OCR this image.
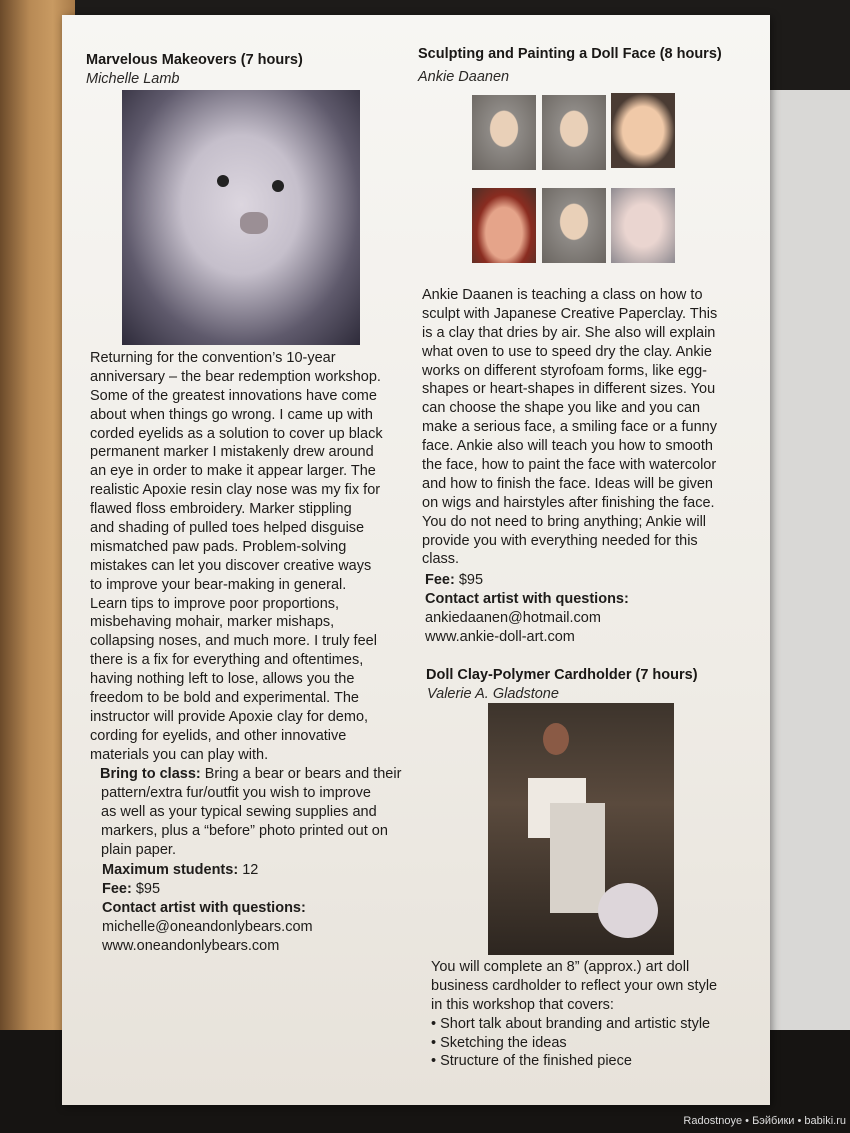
Marvelous Makeovers (7 hours)
Michelle Lamb
Returning for the convention’s 10-year
anniversary – the bear redemption workshop.
Some of the greatest innovations have come
about when things go wrong. I came up with
corded eyelids as a solution to cover up black
permanent marker I mistakenly drew around
an eye in order to make it appear larger. The
realistic Apoxie resin clay nose was my fix for
flawed floss embroidery. Marker stippling
and shading of pulled toes helped disguise
mismatched paw pads. Problem-solving
mistakes can let you discover creative ways
to improve your bear-making in general.
Learn tips to improve poor proportions,
misbehaving mohair, marker mishaps,
collapsing noses, and much more. I truly feel
there is a fix for everything and oftentimes,
having nothing left to lose, allows you the
freedom to be bold and experimental. The
instructor will provide Apoxie clay for demo,
cording for eyelids, and other innovative
materials you can play with.
Bring to class: Bring a bear or bears and their
pattern/extra fur/outfit you wish to improve
as well as your typical sewing supplies and
markers, plus a “before” photo printed out on
plain paper.
Maximum students: 12
Fee: $95
Contact artist with questions:
michelle@oneandonlybears.com
www.oneandonlybears.com
Sculpting and Painting a Doll Face (8 hours)
Ankie Daanen
Ankie Daanen is teaching a class on how to
sculpt with Japanese Creative Paperclay. This
is a clay that dries by air. She also will explain
what oven to use to speed dry the clay. Ankie
works on different styrofoam forms, like egg-
shapes or heart-shapes in different sizes. You
can choose the shape you like and you can
make a serious face, a smiling face or a funny
face. Ankie also will teach you how to smooth
the face, how to paint the face with watercolor
and how to finish the face. Ideas will be given
on wigs and hairstyles after finishing the face.
You do not need to bring anything; Ankie will
provide you with everything needed for this
class.
Fee: $95
Contact artist with questions:
ankiedaanen@hotmail.com
www.ankie-doll-art.com
Doll Clay-Polymer Cardholder (7 hours)
Valerie A. Gladstone
You will complete an 8” (approx.) art doll
business cardholder to reflect your own style
in this workshop that covers:
• Short talk about branding and artistic style
• Sketching the ideas
• Structure of the finished piece
Radostnoye • Бэйбики • babiki.ru
